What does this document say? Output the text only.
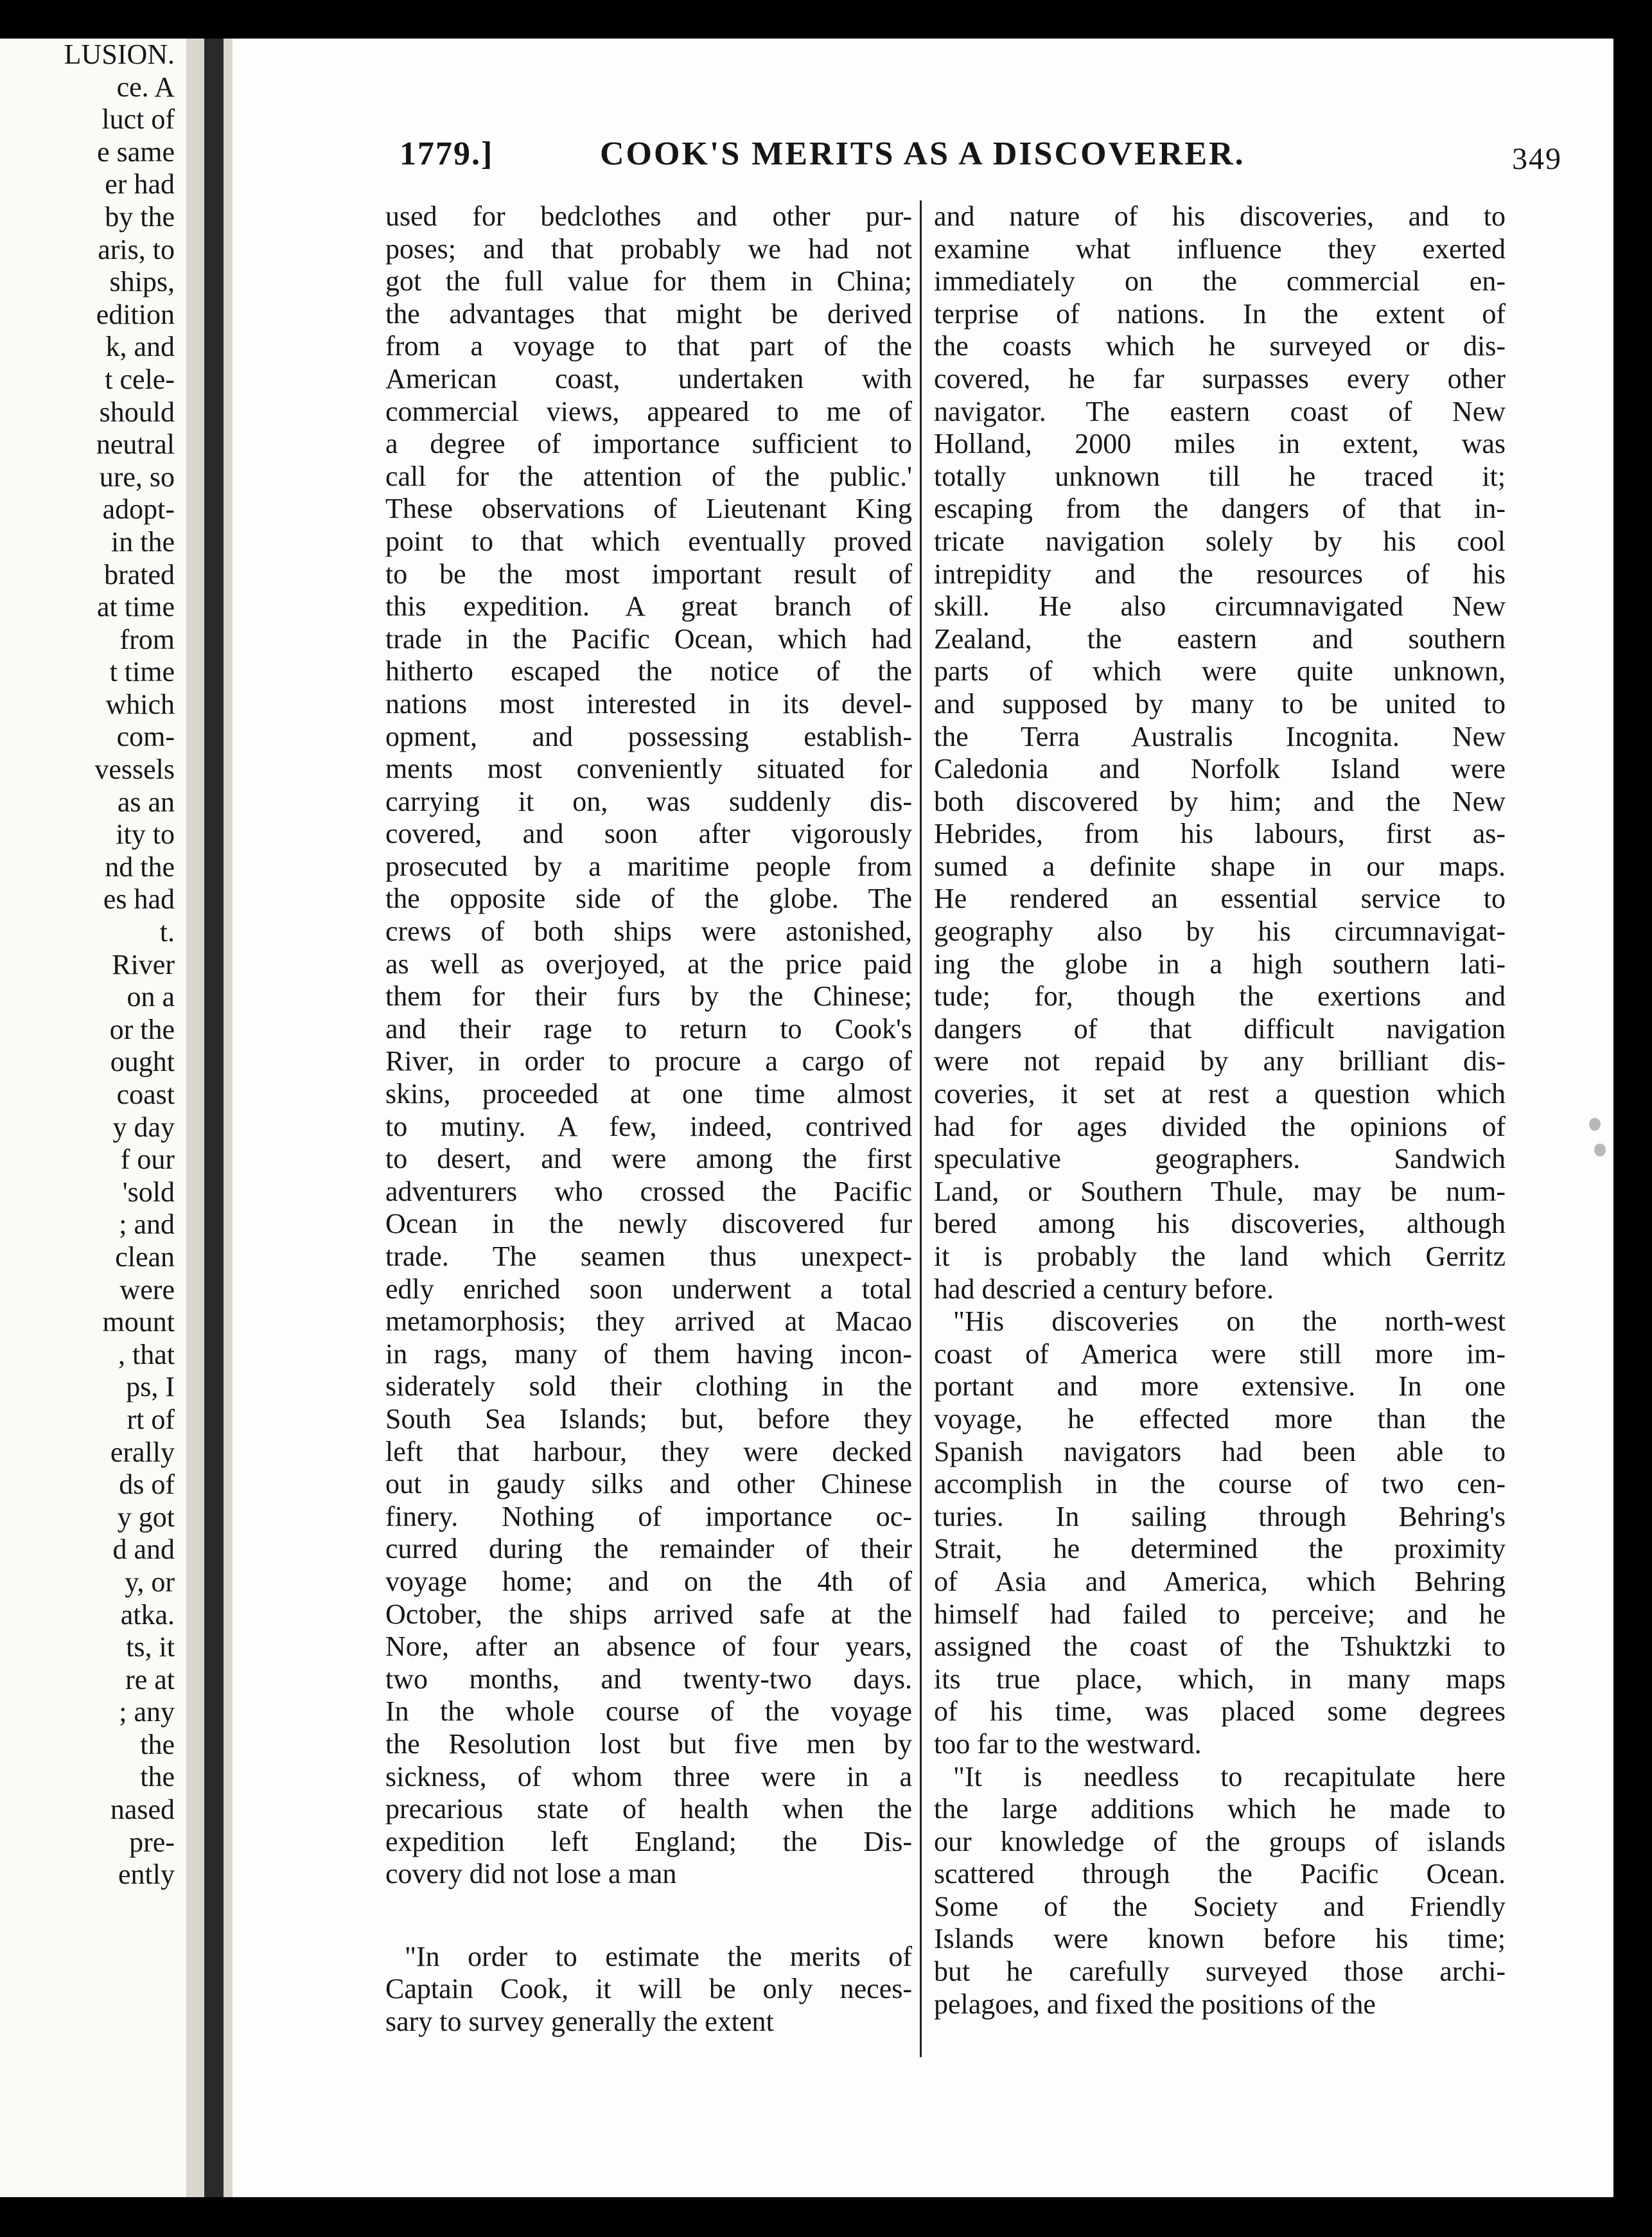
LUSION.
ce. A
luct of
e same
er had
by the
aris, to
ships,
edition
k, and
t cele-
should
neutral
ure, so
adopt-
in the
brated
at time
from
t time
which
com-
vessels
as an
ity to
nd the
es had
t.
River
on a
or the
ought
coast
y day
f our
'sold
; and
clean
were
mount
, that
ps, I
rt of
erally
ds of
y got
d and
y, or
atka.
ts, it
re at
; any
the
the
nased
pre-
ently
1779.]	COOK'S MERITS AS A DISCOVERER.	349
used for bedclothes and other pur-
poses; and that probably we had not
got the full value for them in China;
the advantages that might be derived
from a voyage to that part of the
American coast, undertaken with
commercial views, appeared to me of
a degree of importance sufficient to
call for the attention of the public.'
These observations of Lieutenant King
point to that which eventually proved
to be the most important result of
this expedition. A great branch of
trade in the Pacific Ocean, which had
hitherto escaped the notice of the
nations most interested in its devel-
opment, and possessing establish-
ments most conveniently situated for
carrying it on, was suddenly dis-
covered, and soon after vigorously
prosecuted by a maritime people from
the opposite side of the globe. The
crews of both ships were astonished,
as well as overjoyed, at the price paid
them for their furs by the Chinese;
and their rage to return to Cook's
River, in order to procure a cargo of
skins, proceeded at one time almost
to mutiny. A few, indeed, contrived
to desert, and were among the first
adventurers who crossed the Pacific
Ocean in the newly discovered fur
trade. The seamen thus unexpect-
edly enriched soon underwent a total
metamorphosis; they arrived at Macao
in rags, many of them having incon-
siderately sold their clothing in the
South Sea Islands; but, before they
left that harbour, they were decked
out in gaudy silks and other Chinese
finery. Nothing of importance oc-
curred during the remainder of their
voyage home; and on the 4th of
October, the ships arrived safe at the
Nore, after an absence of four years,
two months, and twenty-two days.
In the whole course of the voyage
the Resolution lost but five men by
sickness, of whom three were in a
precarious state of health when the
expedition left England; the Dis-
covery did not lose a man
"In order to estimate the merits of
Captain Cook, it will be only neces-
sary to survey generally the extent
and nature of his discoveries, and to
examine what influence they exerted
immediately on the commercial en-
terprise of nations. In the extent of
the coasts which he surveyed or dis-
covered, he far surpasses every other
navigator. The eastern coast of New
Holland, 2000 miles in extent, was
totally unknown till he traced it;
escaping from the dangers of that in-
tricate navigation solely by his cool
intrepidity and the resources of his
skill. He also circumnavigated New
Zealand, the eastern and southern
parts of which were quite unknown,
and supposed by many to be united to
the Terra Australis Incognita. New
Caledonia and Norfolk Island were
both discovered by him; and the New
Hebrides, from his labours, first as-
sumed a definite shape in our maps.
He rendered an essential service to
geography also by his circumnavigat-
ing the globe in a high southern lati-
tude; for, though the exertions and
dangers of that difficult navigation
were not repaid by any brilliant dis-
coveries, it set at rest a question which
had for ages divided the opinions of
speculative geographers. Sandwich
Land, or Southern Thule, may be num-
bered among his discoveries, although
it is probably the land which Gerritz
had descried a century before.
"His discoveries on the north-west
coast of America were still more im-
portant and more extensive. In one
voyage, he effected more than the
Spanish navigators had been able to
accomplish in the course of two cen-
turies. In sailing through Behring's
Strait, he determined the proximity
of Asia and America, which Behring
himself had failed to perceive; and he
assigned the coast of the Tshuktzki to
its true place, which, in many maps
of his time, was placed some degrees
too far to the westward.
"It is needless to recapitulate here
the large additions which he made to
our knowledge of the groups of islands
scattered through the Pacific Ocean.
Some of the Society and Friendly
Islands were known before his time;
but he carefully surveyed those archi-
pelagoes, and fixed the positions of the
